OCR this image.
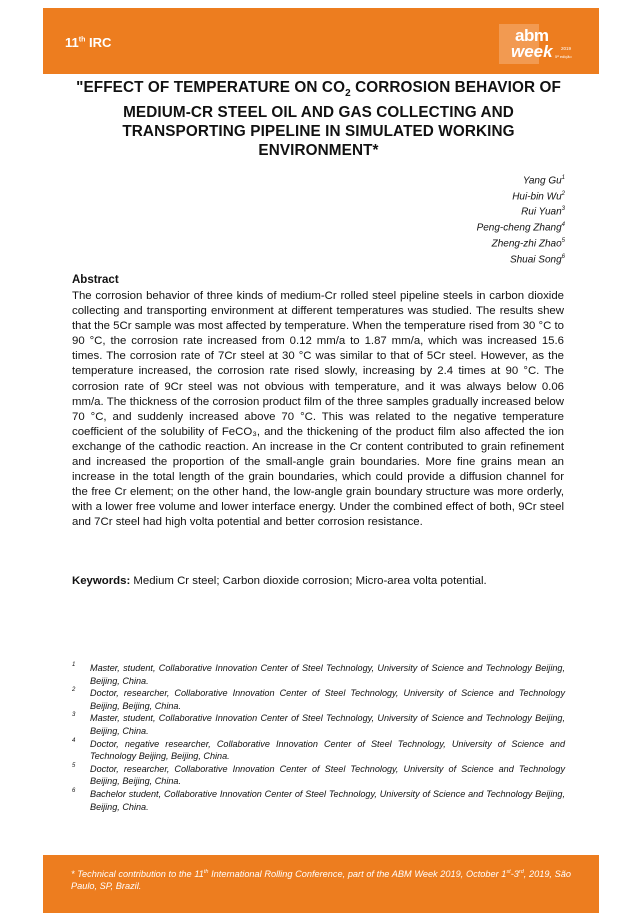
11th IRC	abm
week 2019
5ª edição
"EFFECT OF TEMPERATURE ON $CO_2$ CORROSION BEHAVIOR OF MEDIUM-CR STEEL OIL AND GAS COLLECTING AND TRANSPORTING PIPELINE IN SIMULATED WORKING ENVIRONMENT*
Yang Gu$^1$
Hui-bin Wu$^2$
Rui Yuan$^3$
Peng-cheng Zhang$^4$
Zheng-zhi Zhao$^5$
Shuai Song$^6$
Abstract
The corrosion behavior of three kinds of medium-Cr rolled steel pipeline steels in carbon dioxide collecting and transporting environment at different temperatures was studied. The results shew that the 5Cr sample was most affected by temperature. When the temperature rised from 30 °C to 90 °C, the corrosion rate increased from 0.12 mm/a to 1.87 mm/a, which was increased 15.6 times. The corrosion rate of 7Cr steel at 30 °C was similar to that of 5Cr steel. However, as the temperature increased, the corrosion rate rised slowly, increasing by 2.4 times at 90 °C. The corrosion rate of 9Cr steel was not obvious with temperature, and it was always below 0.06 mm/a. The thickness of the corrosion product film of the three samples gradually increased below 70 °C, and suddenly increased above 70 °C. This was related to the negative temperature coefficient of the solubility of FeCO₃, and the thickening of the product film also affected the ion exchange of the cathodic reaction. An increase in the Cr content contributed to grain refinement and increased the proportion of the small-angle grain boundaries. More fine grains mean an increase in the total length of the grain boundaries, which could provide a diffusion channel for the free Cr element; on the other hand, the low-angle grain boundary structure was more orderly, with a lower free volume and lower interface energy. Under the combined effect of both, 9Cr steel and 7Cr steel had high volta potential and better corrosion resistance.
Keywords: Medium Cr steel; Carbon dioxide corrosion; Micro-area volta potential.
1 Master, student, Collaborative Innovation Center of Steel Technology, University of Science and Technology Beijing, Beijing, China.
2 Doctor, researcher, Collaborative Innovation Center of Steel Technology, University of Science and Technology Beijing, Beijing, China.
3 Master, student, Collaborative Innovation Center of Steel Technology, University of Science and Technology Beijing, Beijing, China.
4 Doctor, negative researcher, Collaborative Innovation Center of Steel Technology, University of Science and Technology Beijing, Beijing, China.
5 Doctor, researcher, Collaborative Innovation Center of Steel Technology, University of Science and Technology Beijing, Beijing, China.
6 Bachelor student, Collaborative Innovation Center of Steel Technology, University of Science and Technology Beijing, Beijing, China.
* Technical contribution to the 11th International Rolling Conference, part of the ABM Week 2019, October 1st-3rd, 2019, São Paulo, SP, Brazil.
